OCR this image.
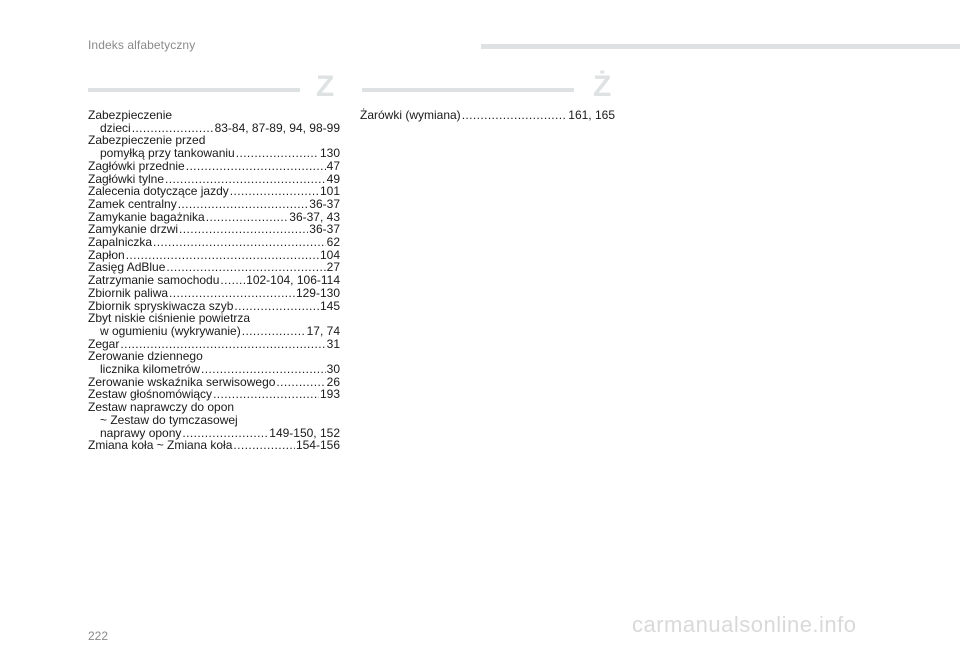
Indeks alfabetyczny
Z
Zabezpieczenie
dzieci .....	83-84, 87-89, 94, 98-99
Zabezpieczenie przed
pomyłką przy tankowaniu .....	130
Zagłówki przednie .....	47
Zagłówki tylne .....	49
Zalecenia dotyczące jazdy .....	101
Zamek centralny .....	36-37
Zamykanie bagażnika .....	36-37, 43
Zamykanie drzwi .....	36-37
Zapalniczka .....	62
Zapłon .....	104
Zasięg AdBlue .....	27
Zatrzymanie samochodu ..... 102-104, 106-114
Zbiornik paliwa .....	129-130
Zbiornik spryskiwacza szyb .....	145
Zbyt niskie ciśnienie powietrza
w ogumieniu (wykrywanie) .....	17, 74
Zegar .....	31
Zerowanie dziennego
licznika kilometrów .....	30
Zerowanie wskaźnika serwisowego .....	26
Zestaw głośnomówiący .....	193
Zestaw naprawczy do opon
~ Zestaw do tymczasowej
naprawy opony .....	149-150, 152
Zmiana koła ~ Zmiana koła .....	154-156
Ż
Żarówki (wymiana) .....	161, 165
222	carmanualsonline.info
